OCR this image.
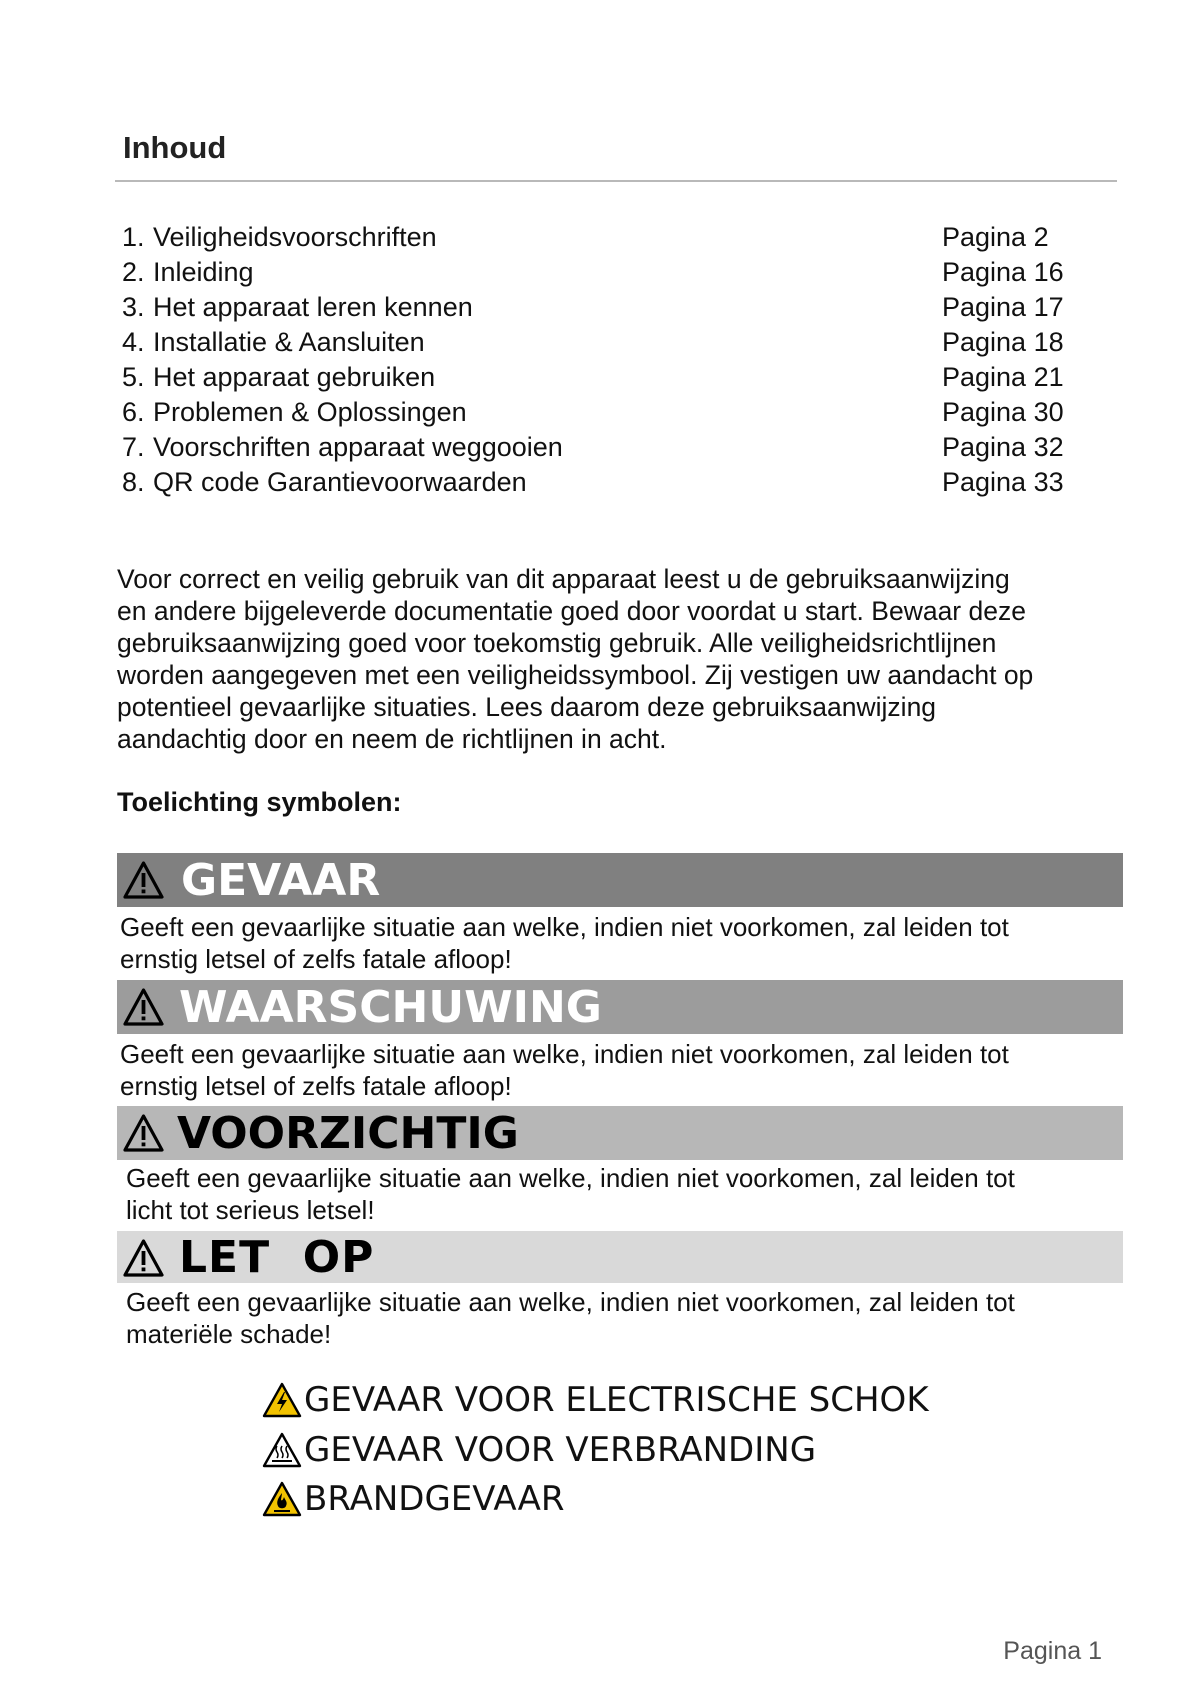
Inhoud
1. Veiligheidsvoorschriften	Pagina 2
2. Inleiding	Pagina 16
3. Het apparaat leren kennen	Pagina 17
4. Installatie & Aansluiten	Pagina 18
5. Het apparaat gebruiken	Pagina 21
6. Problemen & Oplossingen	Pagina 30
7. Voorschriften apparaat weggooien	Pagina 32
8. QR code Garantievoorwaarden	Pagina 33
Voor correct en veilig gebruik van dit apparaat leest u de gebruiksaanwijzing
en andere bijgeleverde documentatie goed door voordat u start. Bewaar deze
gebruiksaanwijzing goed voor toekomstig gebruik. Alle veiligheidsrichtlijnen
worden aangegeven met een veiligheidssymbool. Zij vestigen uw aandacht op
potentieel gevaarlijke situaties. Lees daarom deze gebruiksaanwijzing
aandachtig door en neem de richtlijnen in acht.
Toelichting symbolen:
GEVAAR
Geeft een gevaarlijke situatie aan welke, indien niet voorkomen, zal leiden tot
ernstig letsel of zelfs fatale afloop!
WAARSCHUWING
Geeft een gevaarlijke situatie aan welke, indien niet voorkomen, zal leiden tot
ernstig letsel of zelfs fatale afloop!
VOORZICHTIG
Geeft een gevaarlijke situatie aan welke, indien niet voorkomen, zal leiden tot
licht tot serieus letsel!
LET  OP
Geeft een gevaarlijke situatie aan welke, indien niet voorkomen, zal leiden tot
materiële schade!
GEVAAR VOOR ELECTRISCHE SCHOK
GEVAAR VOOR VERBRANDING
BRANDGEVAAR
Pagina 1
